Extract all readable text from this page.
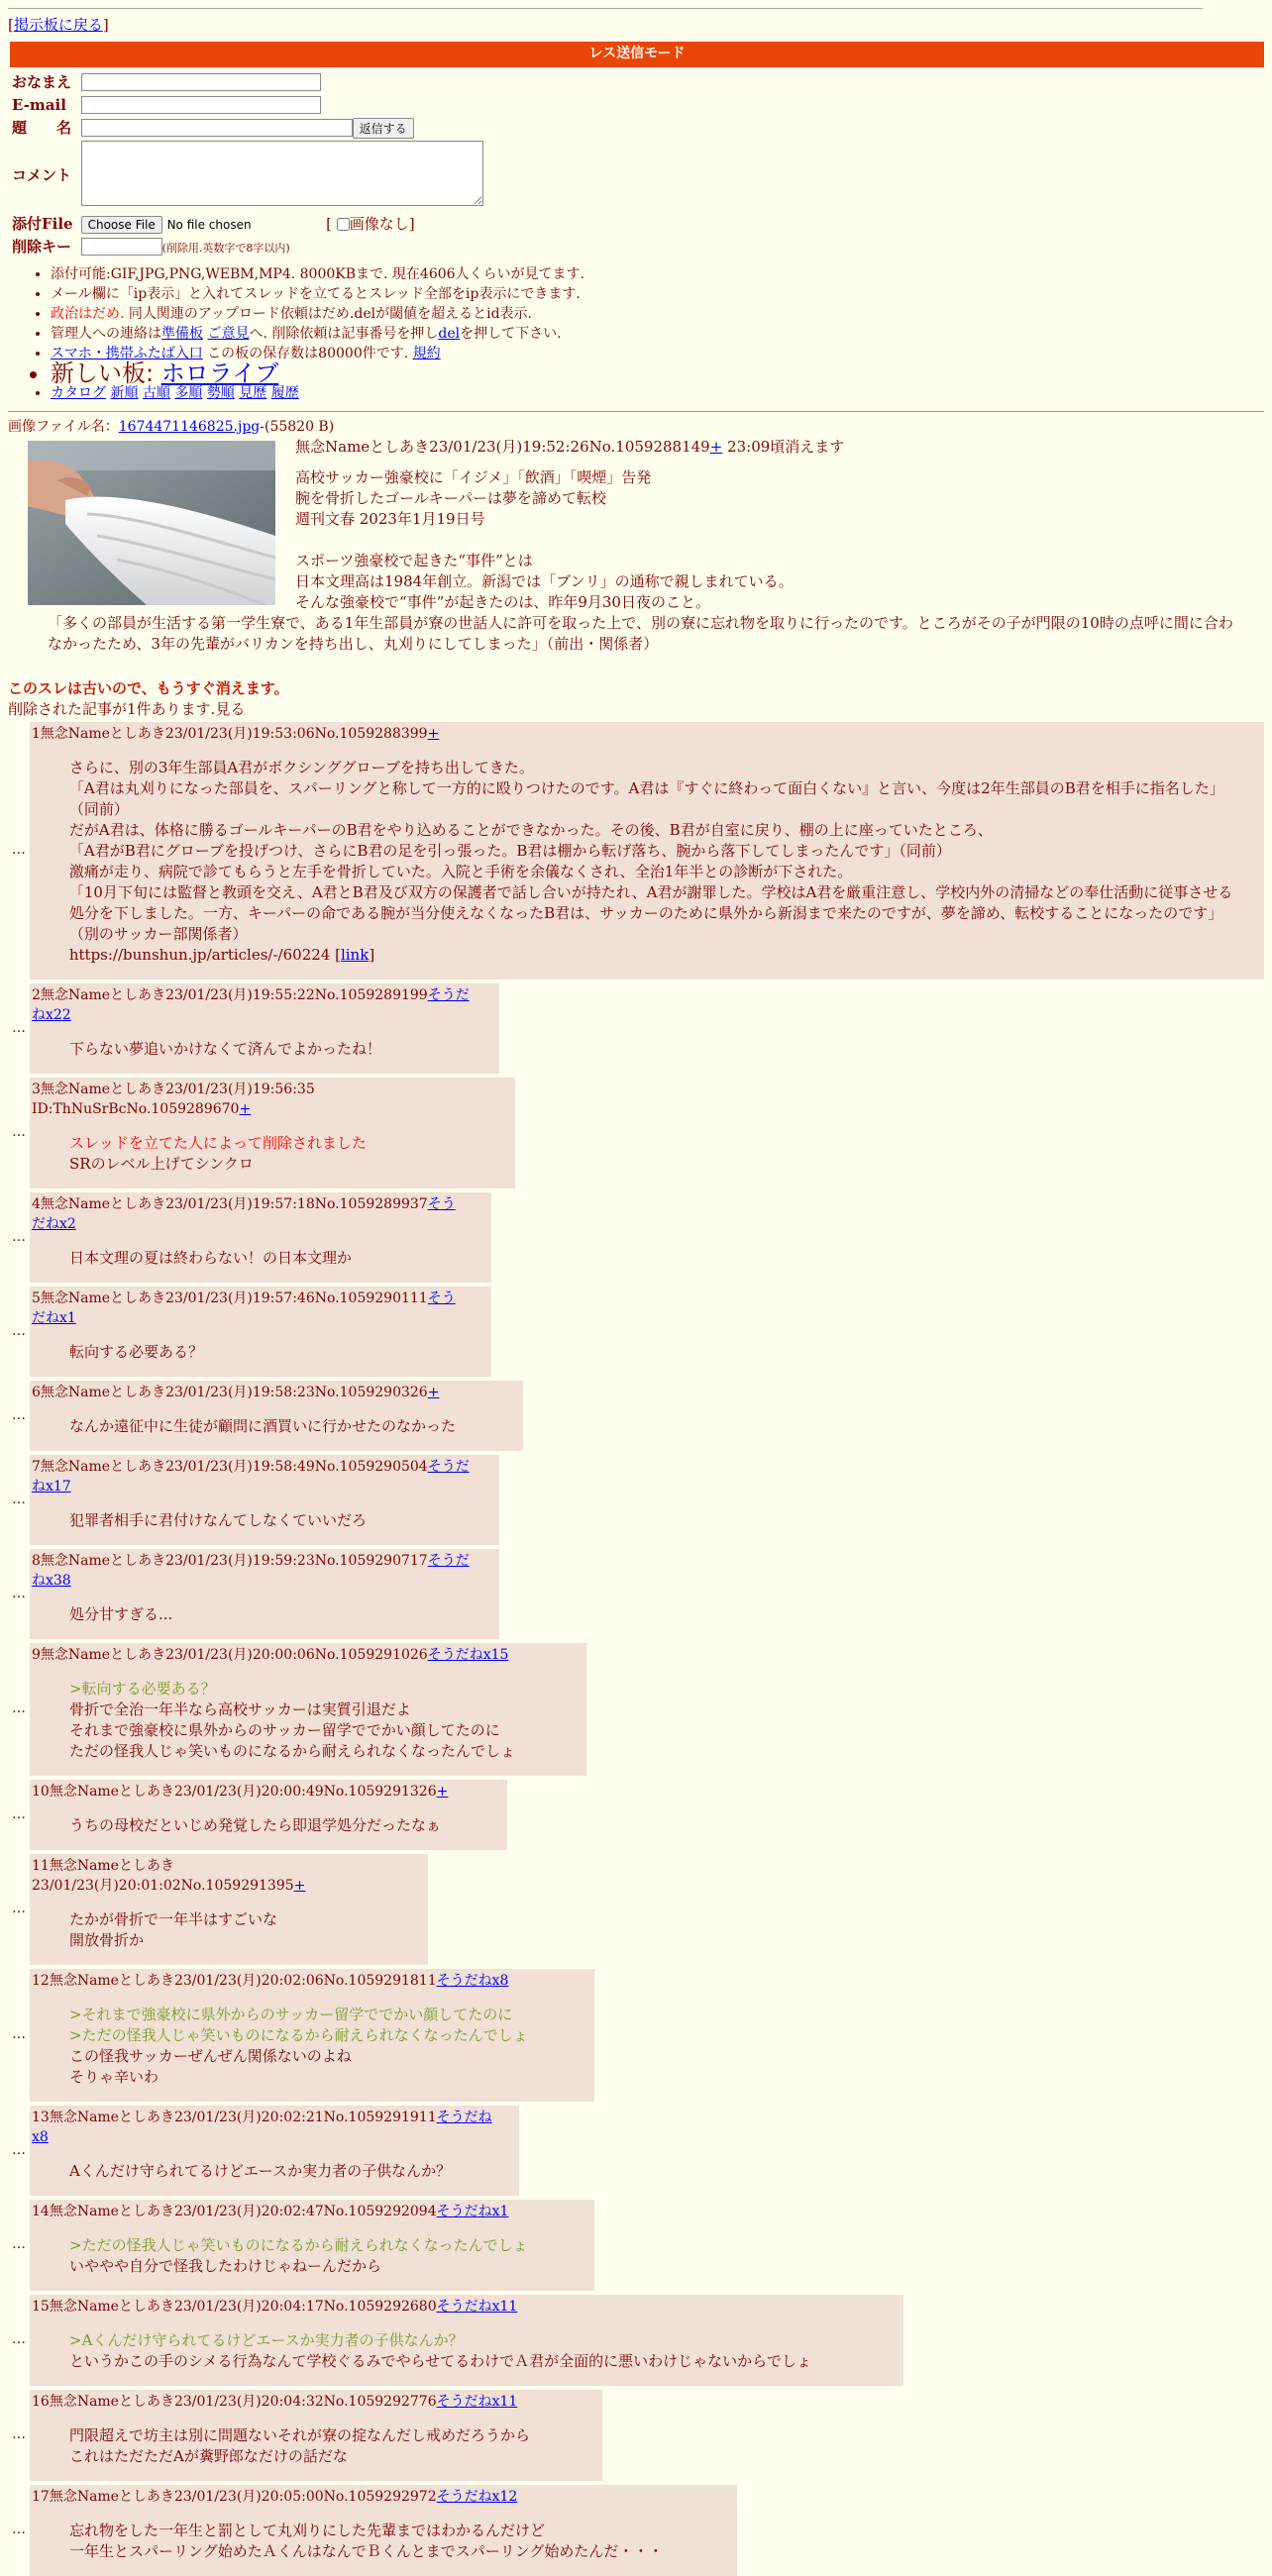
[掲示板に戻る]
レス送信モード
おなまえ	
E-mail	
題　　名	返信する
コメント	
添付File	Choose File No file chosen [ 画像なし]
削除キー	(削除用.英数字で8字以内)
• 添付可能:GIF,JPG,PNG,WEBM,MP4. 8000KBまで. 現在4606人くらいが見てます.
• メール欄に「ip表示」と入れてスレッドを立てるとスレッド全部をip表示にできます.
• 政治はだめ. 同人関連のアップロード依頼はだめ.delが閾値を超えるとid表示.
• 管理人への連絡は準備板 ご意見へ. 削除依頼は記事番号を押しdelを押して下さい.
• スマホ・携帯ふたば入口 この板の保存数は80000件です. 規約
• 新しい板: ホロライブ
• カタログ 新順 古順 多順 勢順 見歴 履歴
画像ファイル名：1674471146825.jpg-(55820 B)
無念Nameとしあき23/01/23(月)19:52:26No.1059288149+ 23:09頃消えます
高校サッカー強豪校に「イジメ」「飲酒」「喫煙」告発
腕を骨折したゴールキーパーは夢を諦めて転校
週刊文春 2023年1月19日号
スポーツ強豪校で起きた“事件”とは
日本文理高は1984年創立。新潟では「ブンリ」の通称で親しまれている。
そんな強豪校で“事件”が起きたのは、昨年9月30日夜のこと。
「多くの部員が生活する第一学生寮で、ある1年生部員が寮の世話人に許可を取った上で、別の寮に忘れ物を取りに行ったのです。ところがその子が門限の10時の点呼に間に合わなかったため、3年の先輩がバリカンを持ち出し、丸刈りにしてしまった」（前出・関係者）
このスレは古いので、もうすぐ消えます。
削除された記事が1件あります.見る
…
1無念Nameとしあき23/01/23(月)19:53:06No.1059288399+
さらに、別の3年生部員A君がボクシンググローブを持ち出してきた。
「A君は丸刈りになった部員を、スパーリングと称して一方的に殴りつけたのです。A君は『すぐに終わって面白くない』と言い、今度は2年生部員のB君を相手に指名した」（同前）
だがA君は、体格に勝るゴールキーパーのB君をやり込めることができなかった。その後、B君が自室に戻り、棚の上に座っていたところ、
「A君がB君にグローブを投げつけ、さらにB君の足を引っ張った。B君は棚から転げ落ち、腕から落下してしまったんです」（同前）
激痛が走り、病院で診てもらうと左手を骨折していた。入院と手術を余儀なくされ、全治1年半との診断が下された。
「10月下旬には監督と教頭を交え、A君とB君及び双方の保護者で話し合いが持たれ、A君が謝罪した。学校はA君を厳重注意し、学校内外の清掃などの奉仕活動に従事させる処分を下しました。一方、キーパーの命である腕が当分使えなくなったB君は、サッカーのために県外から新潟まで来たのですが、夢を諦め、転校することになったのです」（別のサッカー部関係者）
https://bunshun.jp/articles/-/60224 [link]
…
2無念Nameとしあき23/01/23(月)19:55:22No.1059289199そうだねx22
下らない夢追いかけなくて済んでよかったね！
…
3無念Nameとしあき23/01/23(月)19:56:35 ID:ThNuSrBcNo.1059289670+
スレッドを立てた人によって削除されました
SRのレベル上げてシンクロ
…
4無念Nameとしあき23/01/23(月)19:57:18No.1059289937そうだねx2
日本文理の夏は終わらない！の日本文理か
…
5無念Nameとしあき23/01/23(月)19:57:46No.1059290111そうだねx1
転向する必要ある？
…
6無念Nameとしあき23/01/23(月)19:58:23No.1059290326+
なんか遠征中に生徒が顧問に酒買いに行かせたのなかった
…
7無念Nameとしあき23/01/23(月)19:58:49No.1059290504そうだねx17
犯罪者相手に君付けなんてしなくていいだろ
…
8無念Nameとしあき23/01/23(月)19:59:23No.1059290717そうだねx38
処分甘すぎる...
…
9無念Nameとしあき23/01/23(月)20:00:06No.1059291026そうだねx15
>転向する必要ある？
骨折で全治一年半なら高校サッカーは実質引退だよ
それまで強豪校に県外からのサッカー留学ででかい顔してたのに
ただの怪我人じゃ笑いものになるから耐えられなくなったんでしょ
…
10無念Nameとしあき23/01/23(月)20:00:49No.1059291326+
うちの母校だといじめ発覚したら即退学処分だったなぁ
…
11無念Nameとしあき23/01/23(月)20:01:02No.1059291395+
たかが骨折で一年半はすごいな
開放骨折か
…
12無念Nameとしあき23/01/23(月)20:02:06No.1059291811そうだねx8
>それまで強豪校に県外からのサッカー留学ででかい顔してたのに
>ただの怪我人じゃ笑いものになるから耐えられなくなったんでしょ
この怪我サッカーぜんぜん関係ないのよね
そりゃ辛いわ
…
13無念Nameとしあき23/01/23(月)20:02:21No.1059291911そうだねx8
Aくんだけ守られてるけどエースか実力者の子供なんか？
…
14無念Nameとしあき23/01/23(月)20:02:47No.1059292094そうだねx1
>ただの怪我人じゃ笑いものになるから耐えられなくなったんでしょ
いややや自分で怪我したわけじゃねーんだから
…
15無念Nameとしあき23/01/23(月)20:04:17No.1059292680そうだねx11
>Aくんだけ守られてるけどエースか実力者の子供なんか？
というかこの手のシメる行為なんて学校ぐるみでやらせてるわけでＡ君が全面的に悪いわけじゃないからでしょ
…
16無念Nameとしあき23/01/23(月)20:04:32No.1059292776そうだねx11
門限超えで坊主は別に問題ないそれが寮の掟なんだし戒めだろうから
これはただただAが糞野郎なだけの話だな
…
17無念Nameとしあき23/01/23(月)20:05:00No.1059292972そうだねx12
忘れ物をした一年生と罰として丸刈りにした先輩まではわかるんだけど
一年生とスパーリング始めたＡくんはなんでＢくんとまでスパーリング始めたんだ・・・
